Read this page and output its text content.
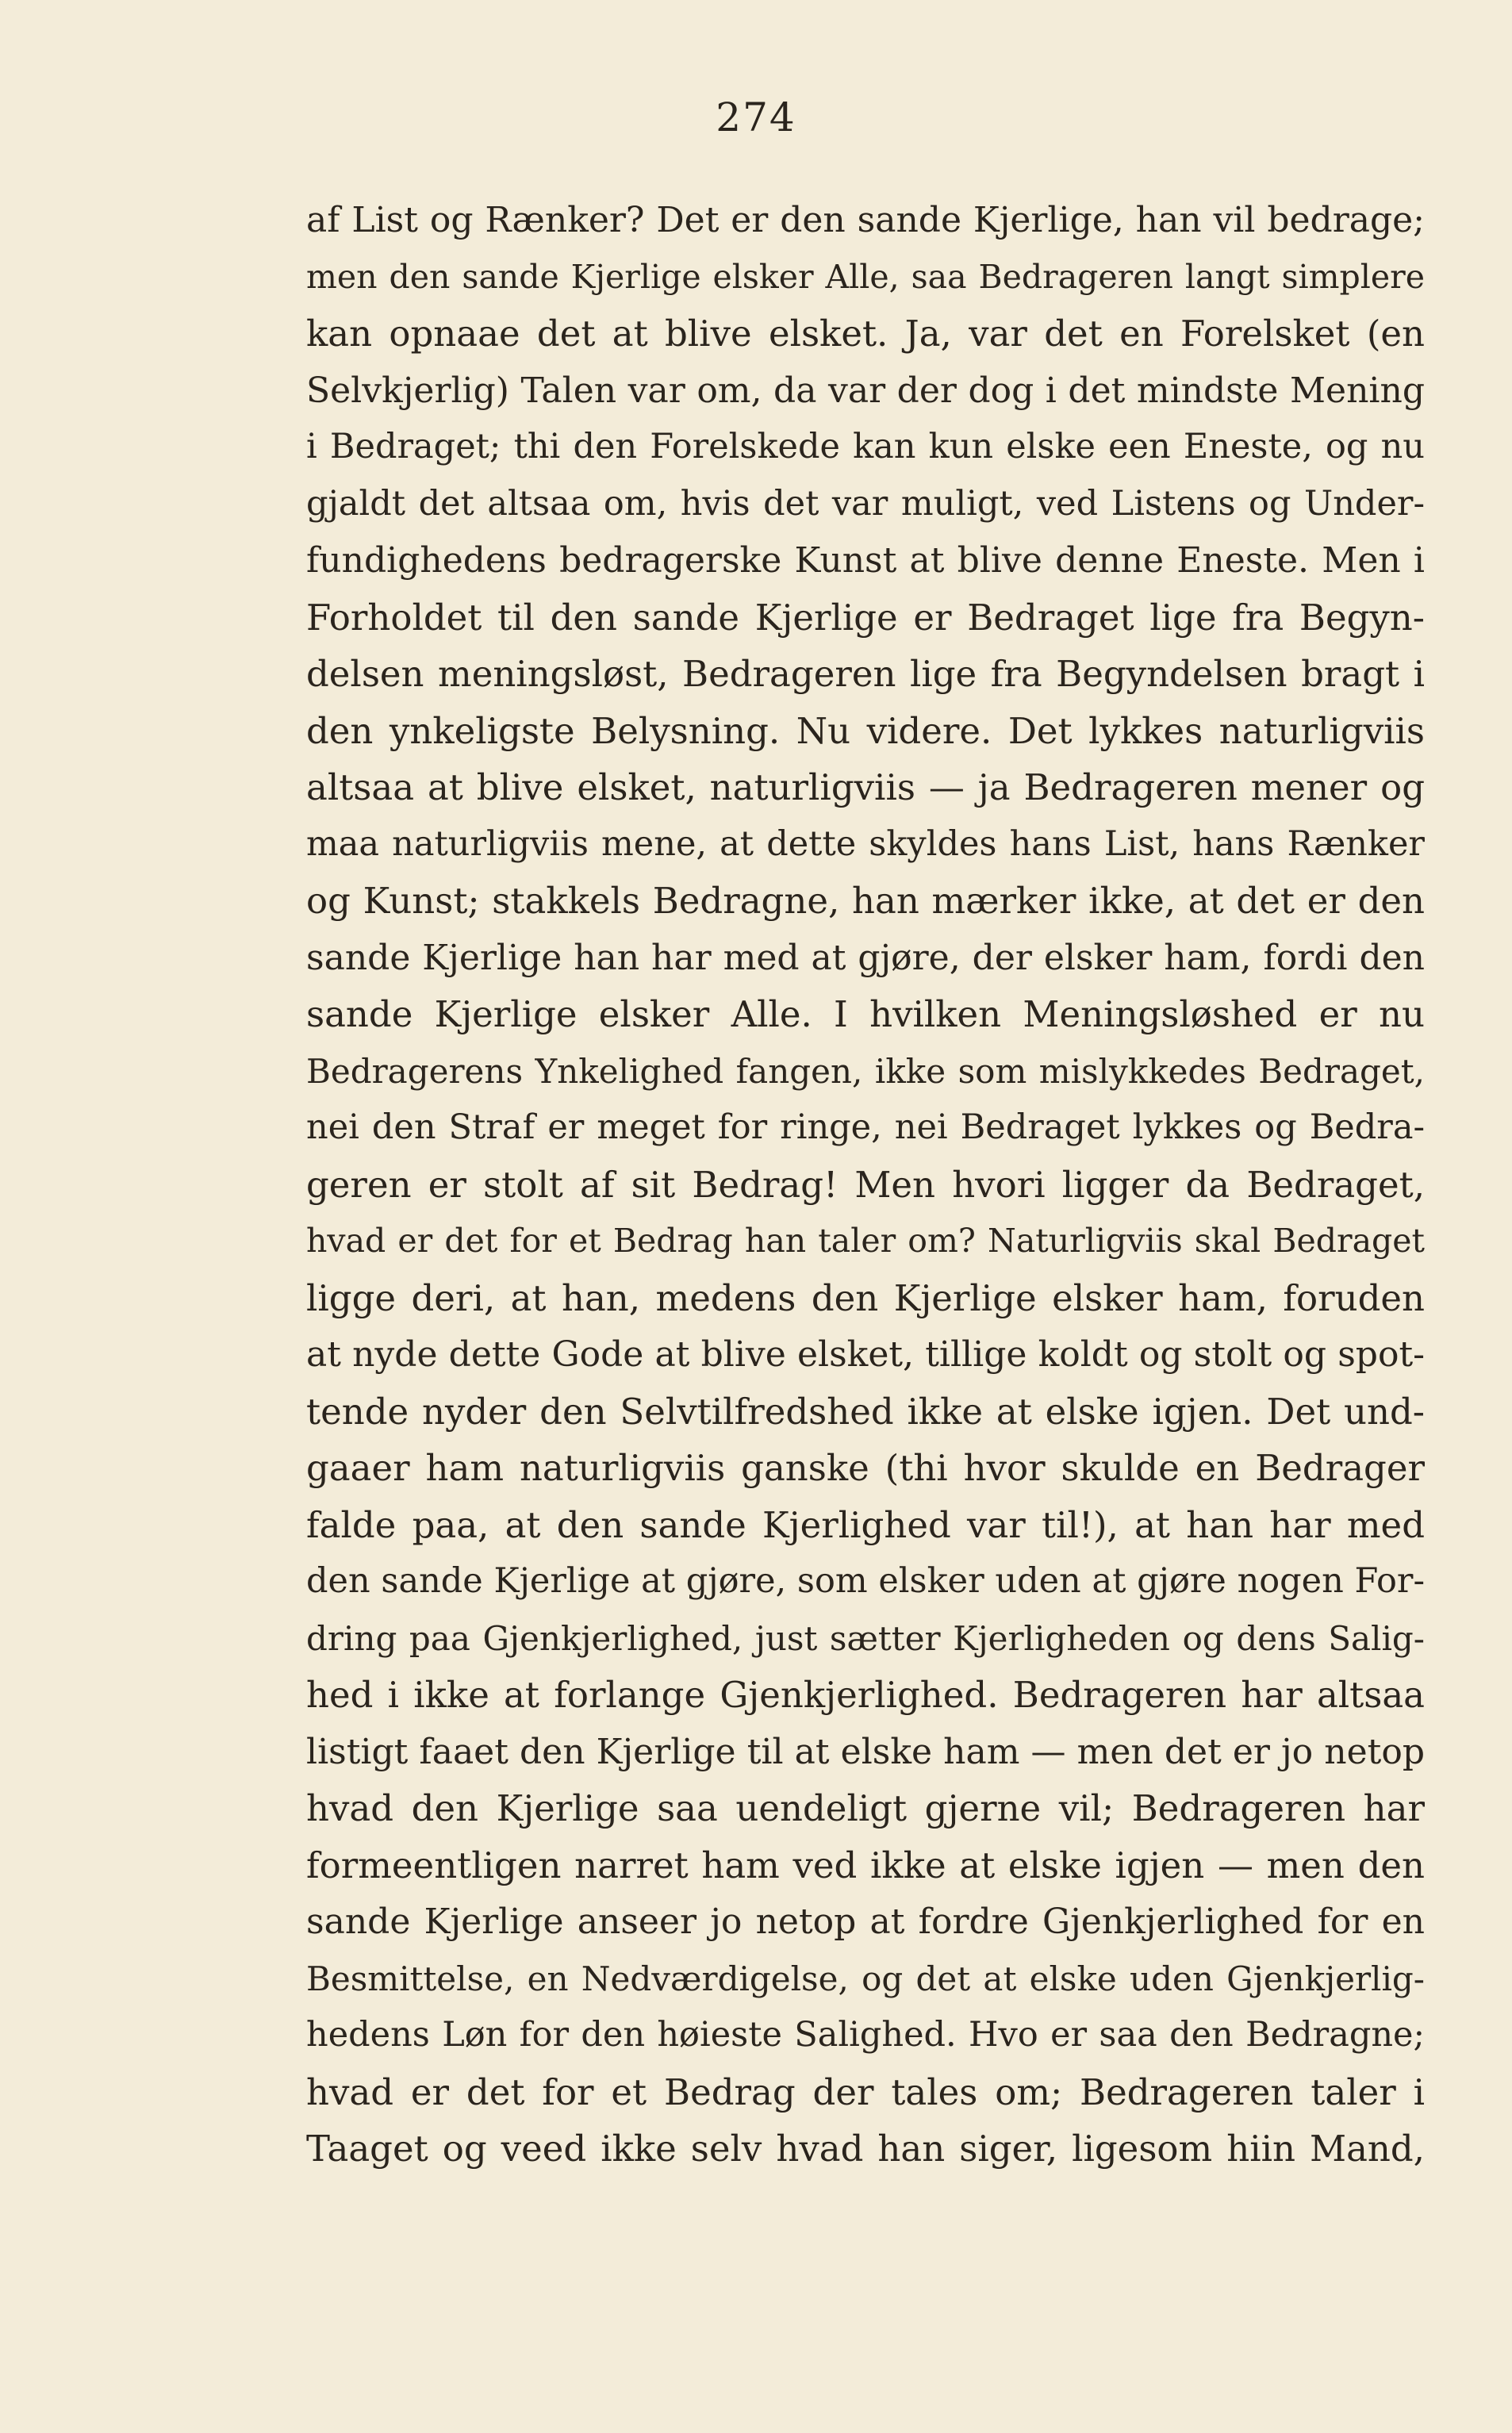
274
af List og Rænker? Det er den sande Kjerlige, han vil bedrage;
men den sande Kjerlige elsker Alle, saa Bedrageren langt simplere
kan opnaae det at blive elsket. Ja, var det en Forelsket (en
Selvkjerlig) Talen var om, da var der dog i det mindste Mening
i Bedraget; thi den Forelskede kan kun elske een Eneste, og nu
gjaldt det altsaa om, hvis det var muligt, ved Listens og Under-
fundighedens bedragerske Kunst at blive denne Eneste. Men i
Forholdet til den sande Kjerlige er Bedraget lige fra Begyn-
delsen meningsløst, Bedrageren lige fra Begyndelsen bragt i
den ynkeligste Belysning. Nu videre. Det lykkes naturligviis
altsaa at blive elsket, naturligviis — ja Bedrageren mener og
maa naturligviis mene, at dette skyldes hans List, hans Rænker
og Kunst; stakkels Bedragne, han mærker ikke, at det er den
sande Kjerlige han har med at gjøre, der elsker ham, fordi den
sande Kjerlige elsker Alle. I hvilken Meningsløshed er nu
Bedragerens Ynkelighed fangen, ikke som mislykkedes Bedraget,
nei den Straf er meget for ringe, nei Bedraget lykkes og Bedra-
geren er stolt af sit Bedrag! Men hvori ligger da Bedraget,
hvad er det for et Bedrag han taler om? Naturligviis skal Bedraget
ligge deri, at han, medens den Kjerlige elsker ham, foruden
at nyde dette Gode at blive elsket, tillige koldt og stolt og spot-
tende nyder den Selvtilfredshed ikke at elske igjen. Det und-
gaaer ham naturligviis ganske (thi hvor skulde en Bedrager
falde paa, at den sande Kjerlighed var til!), at han har med
den sande Kjerlige at gjøre, som elsker uden at gjøre nogen For-
dring paa Gjenkjerlighed, just sætter Kjerligheden og dens Salig-
hed i ikke at forlange Gjenkjerlighed. Bedrageren har altsaa
listigt faaet den Kjerlige til at elske ham — men det er jo netop
hvad den Kjerlige saa uendeligt gjerne vil; Bedrageren har
formeentligen narret ham ved ikke at elske igjen — men den
sande Kjerlige anseer jo netop at fordre Gjenkjerlighed for en
Besmittelse, en Nedværdigelse, og det at elske uden Gjenkjerlig-
hedens Løn for den høieste Salighed. Hvo er saa den Bedragne;
hvad er det for et Bedrag der tales om; Bedrageren taler i
Taaget og veed ikke selv hvad han siger, ligesom hiin Mand,
